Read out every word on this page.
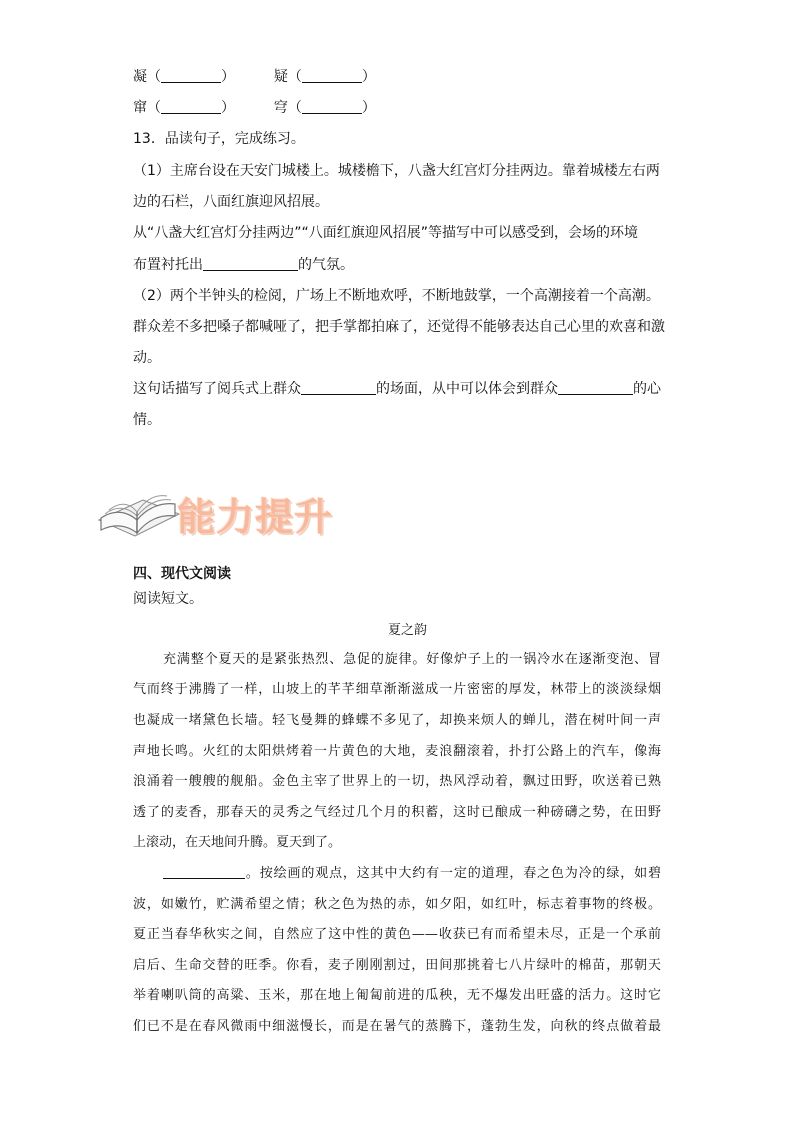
凝（	）	疑（	）
窜（	）	穹（	）
13．品读句子，完成练习。
（1）主席台设在天安门城楼上。城楼檐下，八盏大红宫灯分挂两边。靠着城楼左右两
边的石栏，八面红旗迎风招展。
从“八盏大红宫灯分挂两边”“八面红旗迎风招展”等描写中可以感受到，会场的环境
布置衬托出	的气氛。
（2）两个半钟头的检阅，广场上不断地欢呼，不断地鼓掌，一个高潮接着一个高潮。
群众差不多把嗓子都喊哑了，把手掌都拍麻了，还觉得不能够表达自己心里的欢喜和激
动。
这句话描写了阅兵式上群众	的场面，从中可以体会到群众	的心
情。
能力提升
四、现代文阅读
阅读短文。
夏之韵
充满整个夏天的是紧张热烈、急促的旋律。好像炉子上的一锅冷水在逐渐变泡、冒
气而终于沸腾了一样，山坡上的芊芊细草渐渐滋成一片密密的厚发，林带上的淡淡绿烟
也凝成一堵黛色长墙。轻飞曼舞的蜂蝶不多见了，却换来烦人的蝉儿，潜在树叶间一声
声地长鸣。火红的太阳烘烤着一片黄色的大地，麦浪翻滚着，扑打公路上的汽车，像海
浪涌着一艘艘的舰船。金色主宰了世界上的一切，热风浮动着，飘过田野，吹送着已熟
透了的麦香，那春天的灵秀之气经过几个月的积蓄，这时已酿成一种磅礴之势，在田野
上滚动，在天地间升腾。夏天到了。
。按绘画的观点，这其中大约有一定的道理，春之色为冷的绿，如碧
波，如嫩竹，贮满希望之情；秋之色为热的赤，如夕阳，如红叶，标志着事物的终极。
夏正当春华秋实之间，自然应了这中性的黄色——收获已有而希望未尽，正是一个承前
启后、生命交替的旺季。你看，麦子刚刚割过，田间那挑着七八片绿叶的棉苗，那朝天
举着喇叭筒的高粱、玉米，那在地上匍匐前进的瓜秧，无不爆发出旺盛的活力。这时它
们已不是在春风微雨中细滋慢长，而是在暑气的蒸腾下，蓬勃生发，向秋的终点做着最
